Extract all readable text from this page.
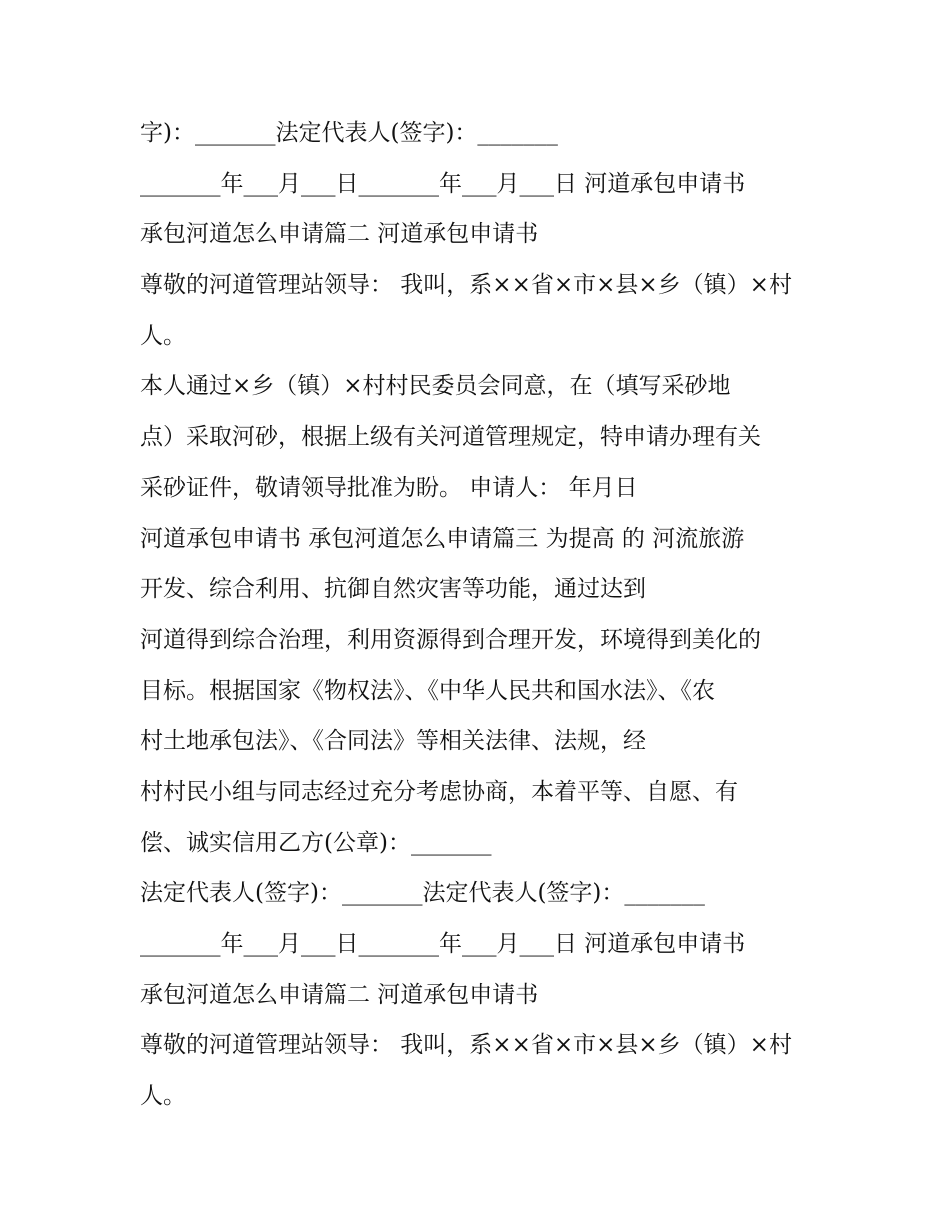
字)：_______法定代表人(签字)：_______
_______年___月___日_______年___月___日 河道承包申请书
承包河道怎么申请篇二 河道承包申请书
尊敬的河道管理站领导： 我叫，系××省×市×县×乡（镇）×村
人。
本人通过×乡（镇）×村村民委员会同意，在（填写采砂地
点）采取河砂，根据上级有关河道管理规定，特申请办理有关
采砂证件，敬请领导批准为盼。 申请人： 年月日
河道承包申请书 承包河道怎么申请篇三 为提高 的 河流旅游
开发、综合利用、抗御自然灾害等功能，通过达到
河道得到综合治理，利用资源得到合理开发，环境得到美化的
目标。根据国家《物权法》、《中华人民共和国水法》、《农
村土地承包法》、《合同法》等相关法律、法规，经
村村民小组与同志经过充分考虑协商，本着平等、自愿、有
偿、诚实信用乙方(公章)：_______
法定代表人(签字)：_______法定代表人(签字)：_______
_______年___月___日_______年___月___日 河道承包申请书
承包河道怎么申请篇二 河道承包申请书
尊敬的河道管理站领导： 我叫，系××省×市×县×乡（镇）×村
人。
